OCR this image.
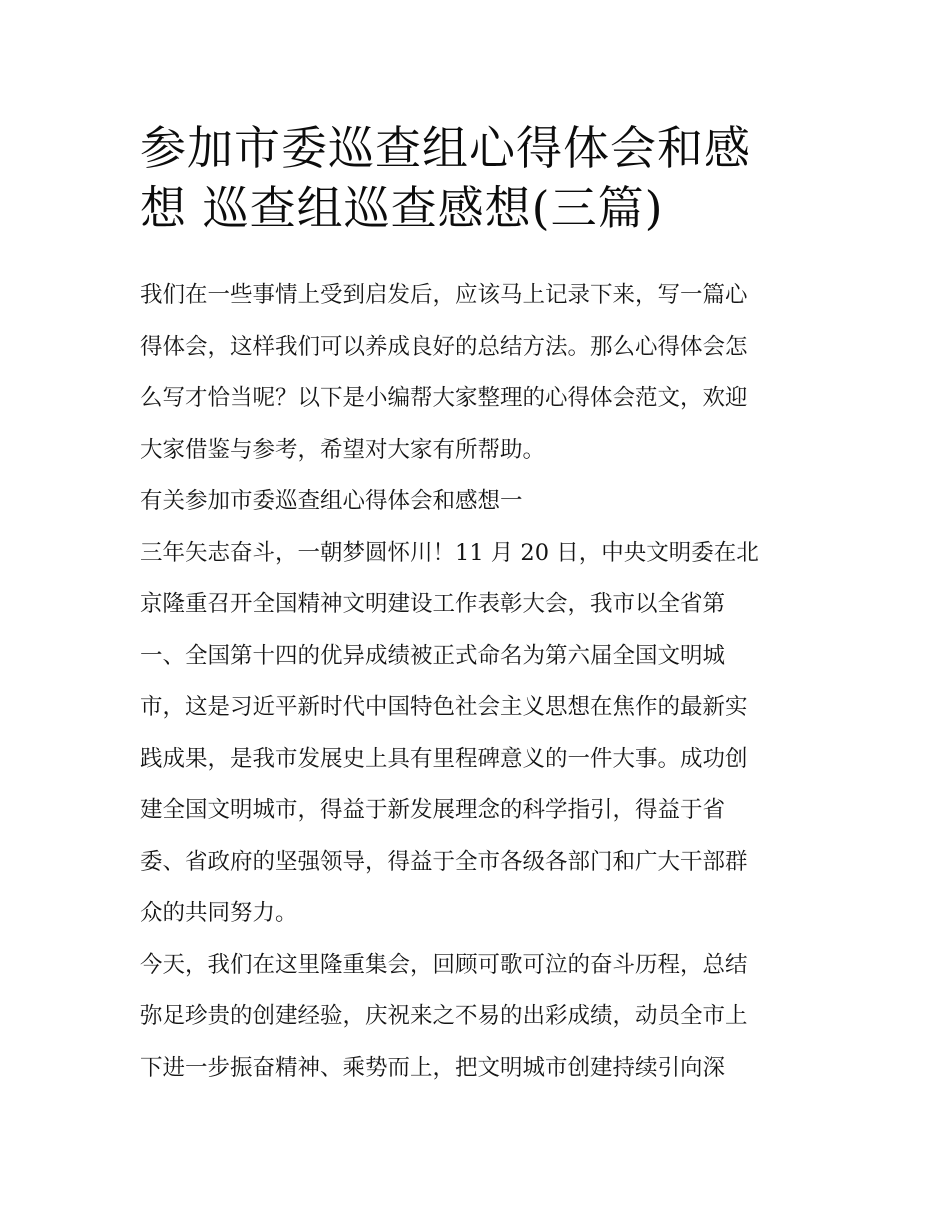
参加市委巡查组心得体会和感
想 巡查组巡查感想(三篇)
我们在一些事情上受到启发后，应该马上记录下来，写一篇心
得体会，这样我们可以养成良好的总结方法。那么心得体会怎
么写才恰当呢？以下是小编帮大家整理的心得体会范文，欢迎
大家借鉴与参考，希望对大家有所帮助。
有关参加市委巡查组心得体会和感想一
三年矢志奋斗，一朝梦圆怀川！11 月 20 日，中央文明委在北
京隆重召开全国精神文明建设工作表彰大会，我市以全省第
一、全国第十四的优异成绩被正式命名为第六届全国文明城
市，这是习近平新时代中国特色社会主义思想在焦作的最新实
践成果，是我市发展史上具有里程碑意义的一件大事。成功创
建全国文明城市，得益于新发展理念的科学指引，得益于省
委、省政府的坚强领导，得益于全市各级各部门和广大干部群
众的共同努力。
今天，我们在这里隆重集会，回顾可歌可泣的奋斗历程，总结
弥足珍贵的创建经验，庆祝来之不易的出彩成绩，动员全市上
下进一步振奋精神、乘势而上，把文明城市创建持续引向深
